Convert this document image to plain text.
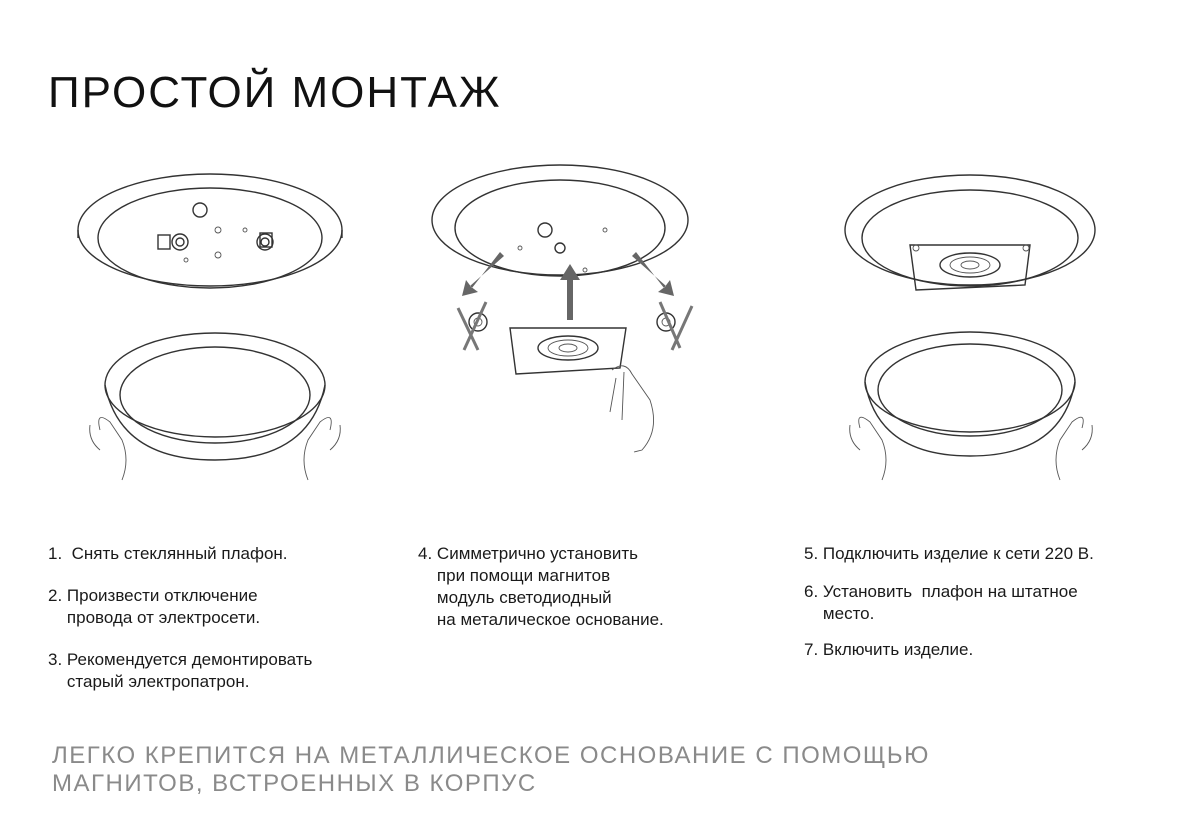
ПРОСТОЙ МОНТАЖ
1.
Снять стеклянный плафон.
2.
Произвести отключение
провода от электросети.
3.
Рекомендуется демонтировать
старый электропатрон.
4.
Симметрично установить
при помощи магнитов
модуль светодиодный
на металическое основание.
5.
Подключить изделие к сети 220 В.
6.
Установить  плафон на штатное
место.
7.
Включить изделие.
ЛЕГКО КРЕПИТСЯ НА МЕТАЛЛИЧЕСКОЕ ОСНОВАНИЕ С ПОМОЩЬЮ
МАГНИТОВ, ВСТРОЕННЫХ В КОРПУС
